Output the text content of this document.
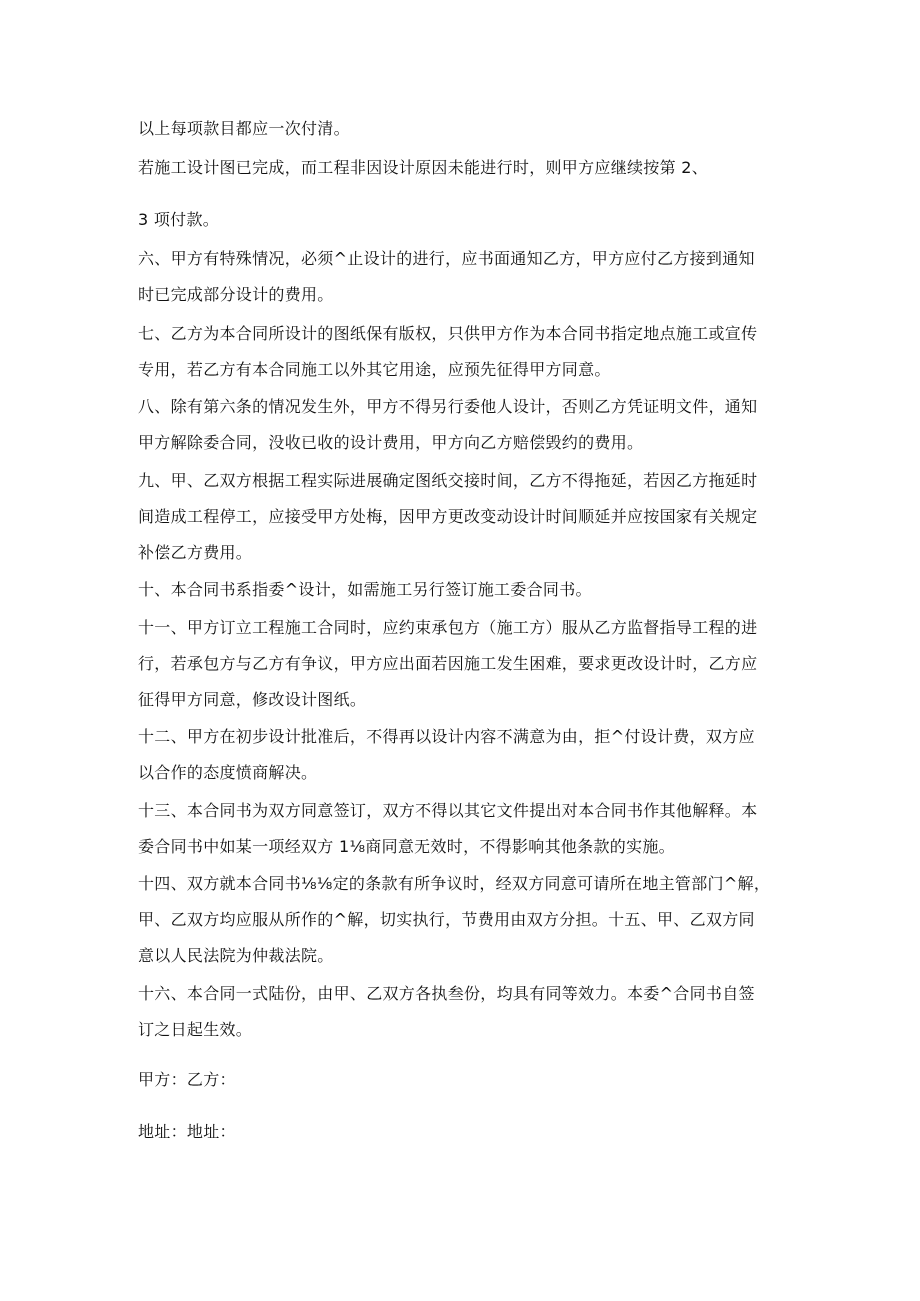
以上每项款目都应一次付清。

若施工设计图已完成，而工程非因设计原因未能进行时，则甲方应继续按第 2、

3 项付款。

六、甲方有特殊情况，必须^止设计的进行，应书面通知乙方，甲方应付乙方接到通知

时已完成部分设计的费用。

七、乙方为本合同所设计的图纸保有版权，只供甲方作为本合同书指定地点施工或宣传

专用，若乙方有本合同施工以外其它用途，应预先征得甲方同意。

八、除有第六条的情况发生外，甲方不得另行委他人设计，否则乙方凭证明文件，通知

甲方解除委合同，没收已收的设计费用，甲方向乙方赔偿毁约的费用。

九、甲、乙双方根据工程实际进展确定图纸交接时间，乙方不得拖延，若因乙方拖延时

间造成工程停工，应接受甲方处梅，因甲方更改变动设计时间顺延并应按国家有关规定

补偿乙方费用。

十、本合同书系指委^设计，如需施工另行签订施工委合同书。

十一、甲方订立工程施工合同时，应约束承包方（施工方）服从乙方监督指导工程的进

行，若承包方与乙方有争议，甲方应出面若因施工发生困难，要求更改设计时，乙方应

征得甲方同意，修改设计图纸。

十二、甲方在初步设计批准后，不得再以设计内容不满意为由，拒^付设计费，双方应

以合作的态度愤商解决。

十三、本合同书为双方同意签订，双方不得以其它文件提出对本合同书作其他解释。本

委合同书中如某一项经双方 1⅛商同意无效时，不得影响其他条款的实施。

十四、双方就本合同书⅛⅛定的条款有所争议时，经双方同意可请所在地主管部门^解，

甲、乙双方均应服从所作的^解，切实执行，节费用由双方分担。十五、甲、乙双方同

意以人民法院为仲裁法院。

十六、本合同一式陆份，由甲、乙双方各执叁份，均具有同等效力。本委^合同书自签

订之日起生效。

甲方：乙方：

地址：地址：
